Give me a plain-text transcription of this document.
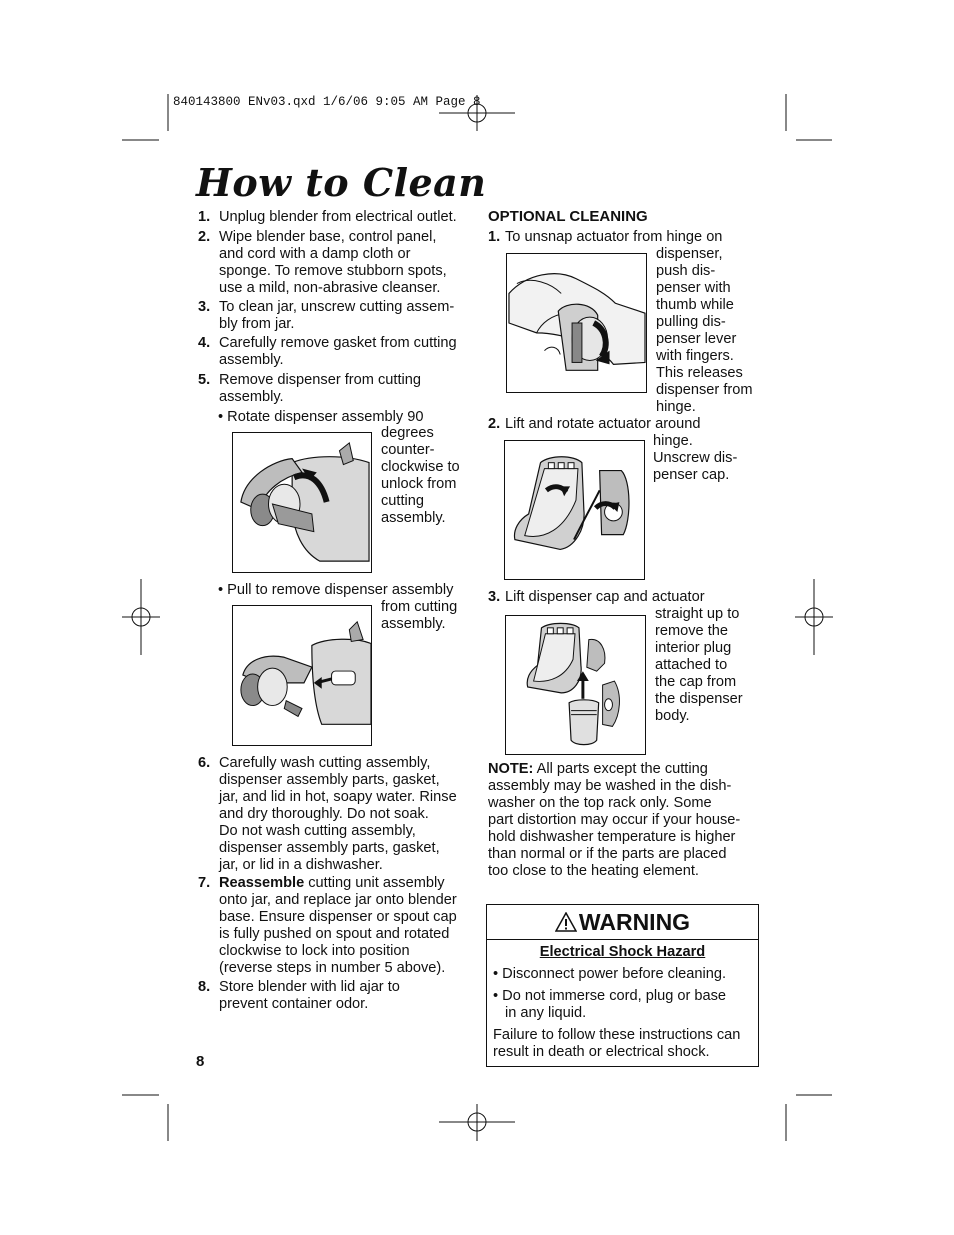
840143800 ENv03.qxd 1/6/06 9:05 AM Page 8
How to Clean
1. Unplug blender from electrical outlet.
2. Wipe blender base, control panel,
and cord with a damp cloth or
sponge. To remove stubborn spots,
use a mild, non-abrasive cleanser.
3. To clean jar, unscrew cutting assem-
bly from jar.
4. Carefully remove gasket from cutting
assembly.
5. Remove dispenser from cutting
assembly.
• Rotate dispenser assembly 90
degrees
counter-
clockwise to
unlock from
cutting
assembly.
• Pull to remove dispenser assembly
from cutting
assembly.
6. Carefully wash cutting assembly,
dispenser assembly parts, gasket,
jar, and lid in hot, soapy water. Rinse
and dry thoroughly. Do not soak.
Do not wash cutting assembly,
dispenser assembly parts, gasket,
jar, or lid in a dishwasher.
7. Reassemble cutting unit assembly
onto jar, and replace jar onto blender
base. Ensure dispenser or spout cap
is fully pushed on spout and rotated
clockwise to lock into position
(reverse steps in number 5 above).
8. Store blender with lid ajar to
prevent container odor.
8
OPTIONAL CLEANING
1. To unsnap actuator from hinge on
dispenser,
push dis-
penser with
thumb while
pulling dis-
penser lever
with fingers.
This releases
dispenser from
hinge.
2. Lift and rotate actuator around
hinge.
Unscrew dis-
penser cap.
3. Lift dispenser cap and actuator
straight up to
remove the
interior plug
attached to
the cap from
the dispenser
body.
NOTE: All parts except the cutting
assembly may be washed in the dish-
washer on the top rack only. Some
part distortion may occur if your house-
hold dishwasher temperature is higher
than normal or if the parts are placed
too close to the heating element.
WARNING
Electrical Shock Hazard
• Disconnect power before cleaning.
• Do not immerse cord, plug or base
in any liquid.
Failure to follow these instructions can
result in death or electrical shock.
